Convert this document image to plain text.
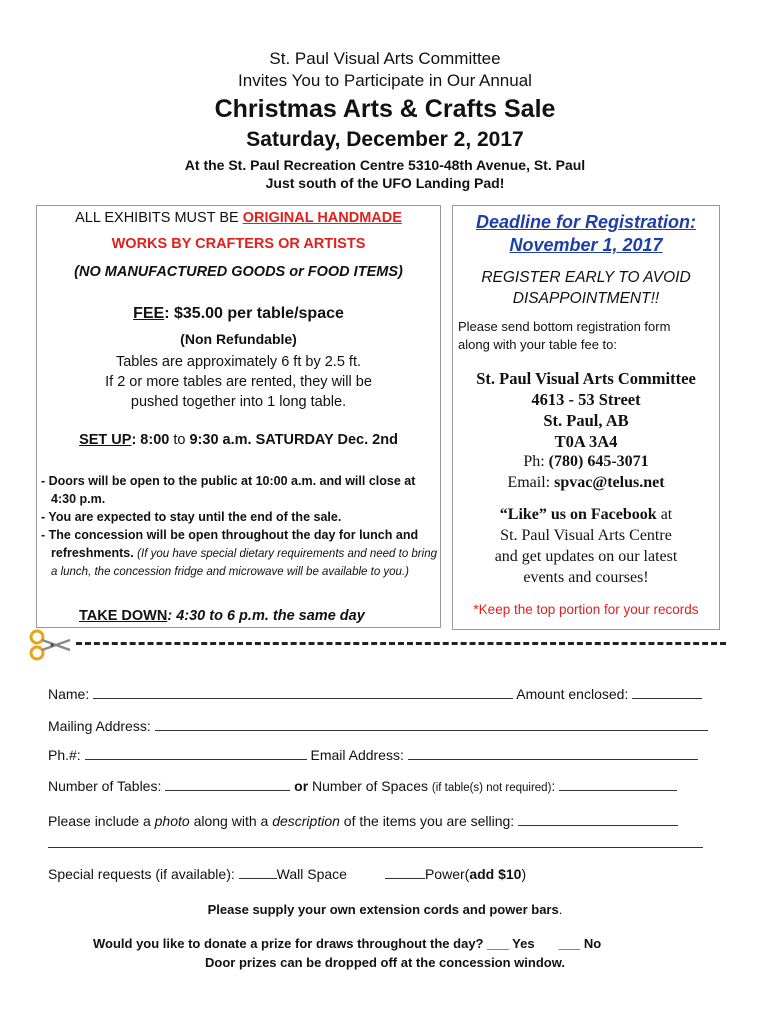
St. Paul Visual Arts Committee
Invites You to Participate in Our Annual
Christmas Arts & Crafts Sale
Saturday, December 2, 2017
At the St. Paul Recreation Centre 5310-48th Avenue, St. Paul
Just south of the UFO Landing Pad!
ALL EXHIBITS MUST BE ORIGINAL HANDMADE
WORKS BY CRAFTERS OR ARTISTS
(NO MANUFACTURED GOODS or FOOD ITEMS)
FEE: $35.00 per table/space
(Non Refundable)
Tables are approximately 6 ft by 2.5 ft.
If 2 or more tables are rented, they will be
pushed together into 1 long table.
SET UP: 8:00 to 9:30 a.m. SATURDAY Dec. 2nd

- Doors will be open to the public at 10:00 a.m. and will close at 4:30 p.m.

- You are expected to stay until the end of the sale.

- The concession will be open throughout the day for lunch and refreshments. (If you have special dietary requirements and need to bring a lunch, the concession fridge and microwave will be available to you.)

TAKE DOWN: 4:30 to 6 p.m. the same day
Deadline for Registration:
November 1, 2017
REGISTER EARLY TO AVOID
DISAPPOINTMENT!!
Please send bottom registration form
along with your table fee to:
St. Paul Visual Arts Committee
4613 - 53 Street
St. Paul, AB
T0A 3A4
Ph: (780) 645-3071
Email: spvac@telus.net
“Like” us on Facebook at
St. Paul Visual Arts Centre
and get updates on our latest
events and courses!
*Keep the top portion for your records
Name:	Amount enclosed:
Mailing Address:
Ph.#:	Email Address:
Number of Tables:	or Number of Spaces (if table(s) not required):
Please include a photo along with a description of the items you are selling:
Special requests (if available):	Wall Space	Power(add $10)
Please supply your own extension cords and power bars.
Would you like to donate a prize for draws throughout the day? ___ Yes ___ No
Door prizes can be dropped off at the concession window.
